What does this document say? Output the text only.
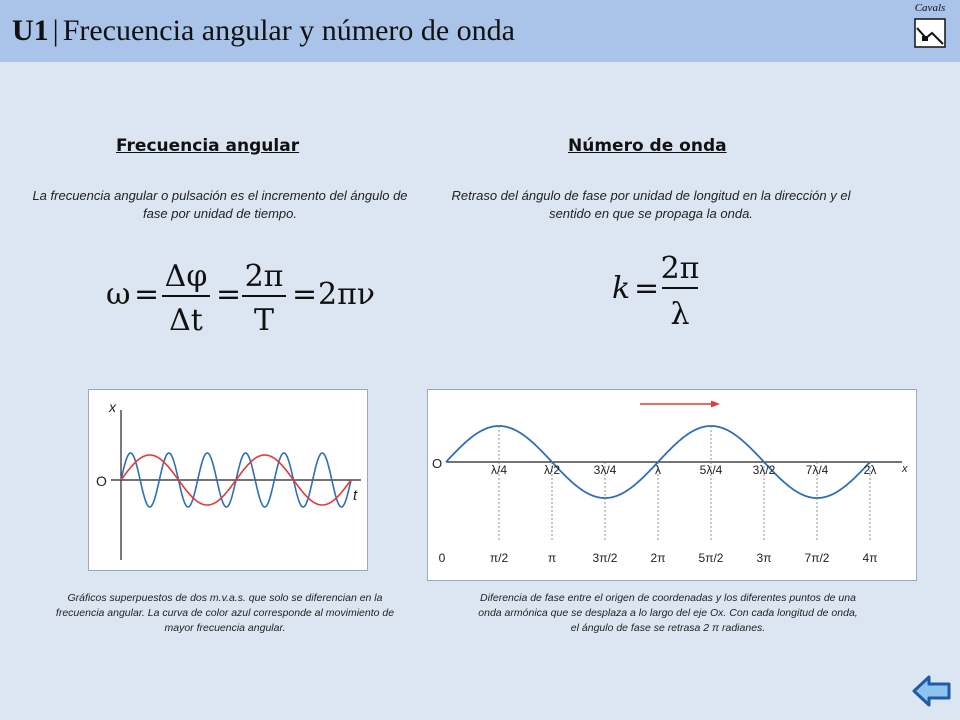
U1 | Frecuencia angular y número de onda
Cavals
Frecuencia angular
La frecuencia angular o pulsación es el incremento del ángulo de fase por unidad de tiempo.
ω =
Δφ
Δt
=
2π
T
= 2πν
x
t
O
Gráficos superpuestos de dos m.v.a.s. que solo se diferencian en la frecuencia angular. La curva de color azul corresponde al movimiento de mayor frecuencia angular.
Número de onda
Retraso del ángulo de fase por unidad de longitud en la dirección y el sentido en que se propaga la onda.
k =
2π
λ
O	x
λ/4	λ/2	3λ/4	λ	5λ/4	3λ/2	7λ/4	2λ
0	π/2	π	3π/2	2π	5π/2	3π	7π/2	4π
Diferencia de fase entre el origen de coordenadas y los diferentes puntos de una onda armónica que se desplaza a lo largo del eje Ox. Con cada longitud de onda, el ángulo de fase se retrasa 2 π radianes.
